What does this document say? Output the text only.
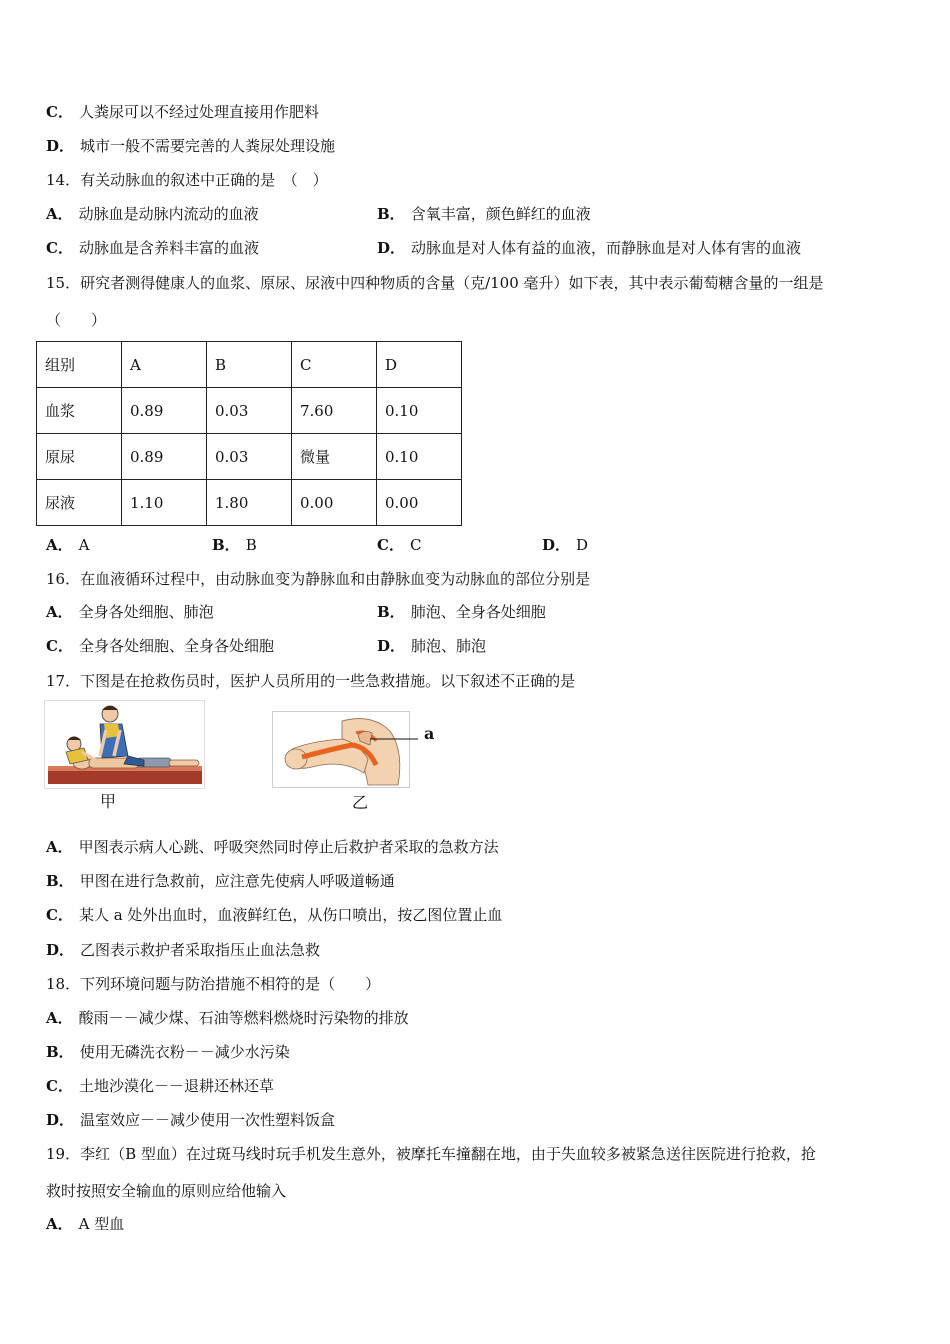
C． 人粪尿可以不经过处理直接用作肥料
D． 城市一般不需要完善的人粪尿处理设施
14．有关动脉血的叙述中正确的是　（　）
A． 动脉血是动脉内流动的血液	B． 含氧丰富，颜色鲜红的血液
C． 动脉血是含养料丰富的血液	D． 动脉血是对人体有益的血液，而静脉血是对人体有害的血液
15．研究者测得健康人的血浆、原尿、尿液中四种物质的含量（克/100 毫升）如下表，其中表示葡萄糖含量的一组是
（　　）
组别	A	B	C	D
血浆	0.89	0.03	7.60	0.10
原尿	0.89	0.03	微量	0.10
尿液	1.10	1.80	0.00	0.00
A． A	B． B	C． C	D． D
16．在血液循环过程中，由动脉血变为静脉血和由静脉血变为动脉血的部位分别是
A． 全身各处细胞、肺泡	B． 肺泡、全身各处细胞
C． 全身各处细胞、全身各处细胞	D． 肺泡、肺泡
17．下图是在抢救伤员时，医护人员所用的一些急救措施。以下叙述不正确的是
甲
a
乙
A． 甲图表示病人心跳、呼吸突然同时停止后救护者采取的急救方法
B． 甲图在进行急救前，应注意先使病人呼吸道畅通
C． 某人 a 处外出血时，血液鲜红色，从伤口喷出，按乙图位置止血
D． 乙图表示救护者采取指压止血法急救
18．下列环境问题与防治措施不相符的是（　　）
A． 酸雨－－减少煤、石油等燃料燃烧时污染物的排放
B． 使用无磷洗衣粉－－减少水污染
C． 土地沙漠化－－退耕还林还草
D． 温室效应－－减少使用一次性塑料饭盒
19．李红（B 型血）在过斑马线时玩手机发生意外，被摩托车撞翻在地，由于失血较多被紧急送往医院进行抢救，抢
救时按照安全输血的原则应给他输入
A． A 型血
